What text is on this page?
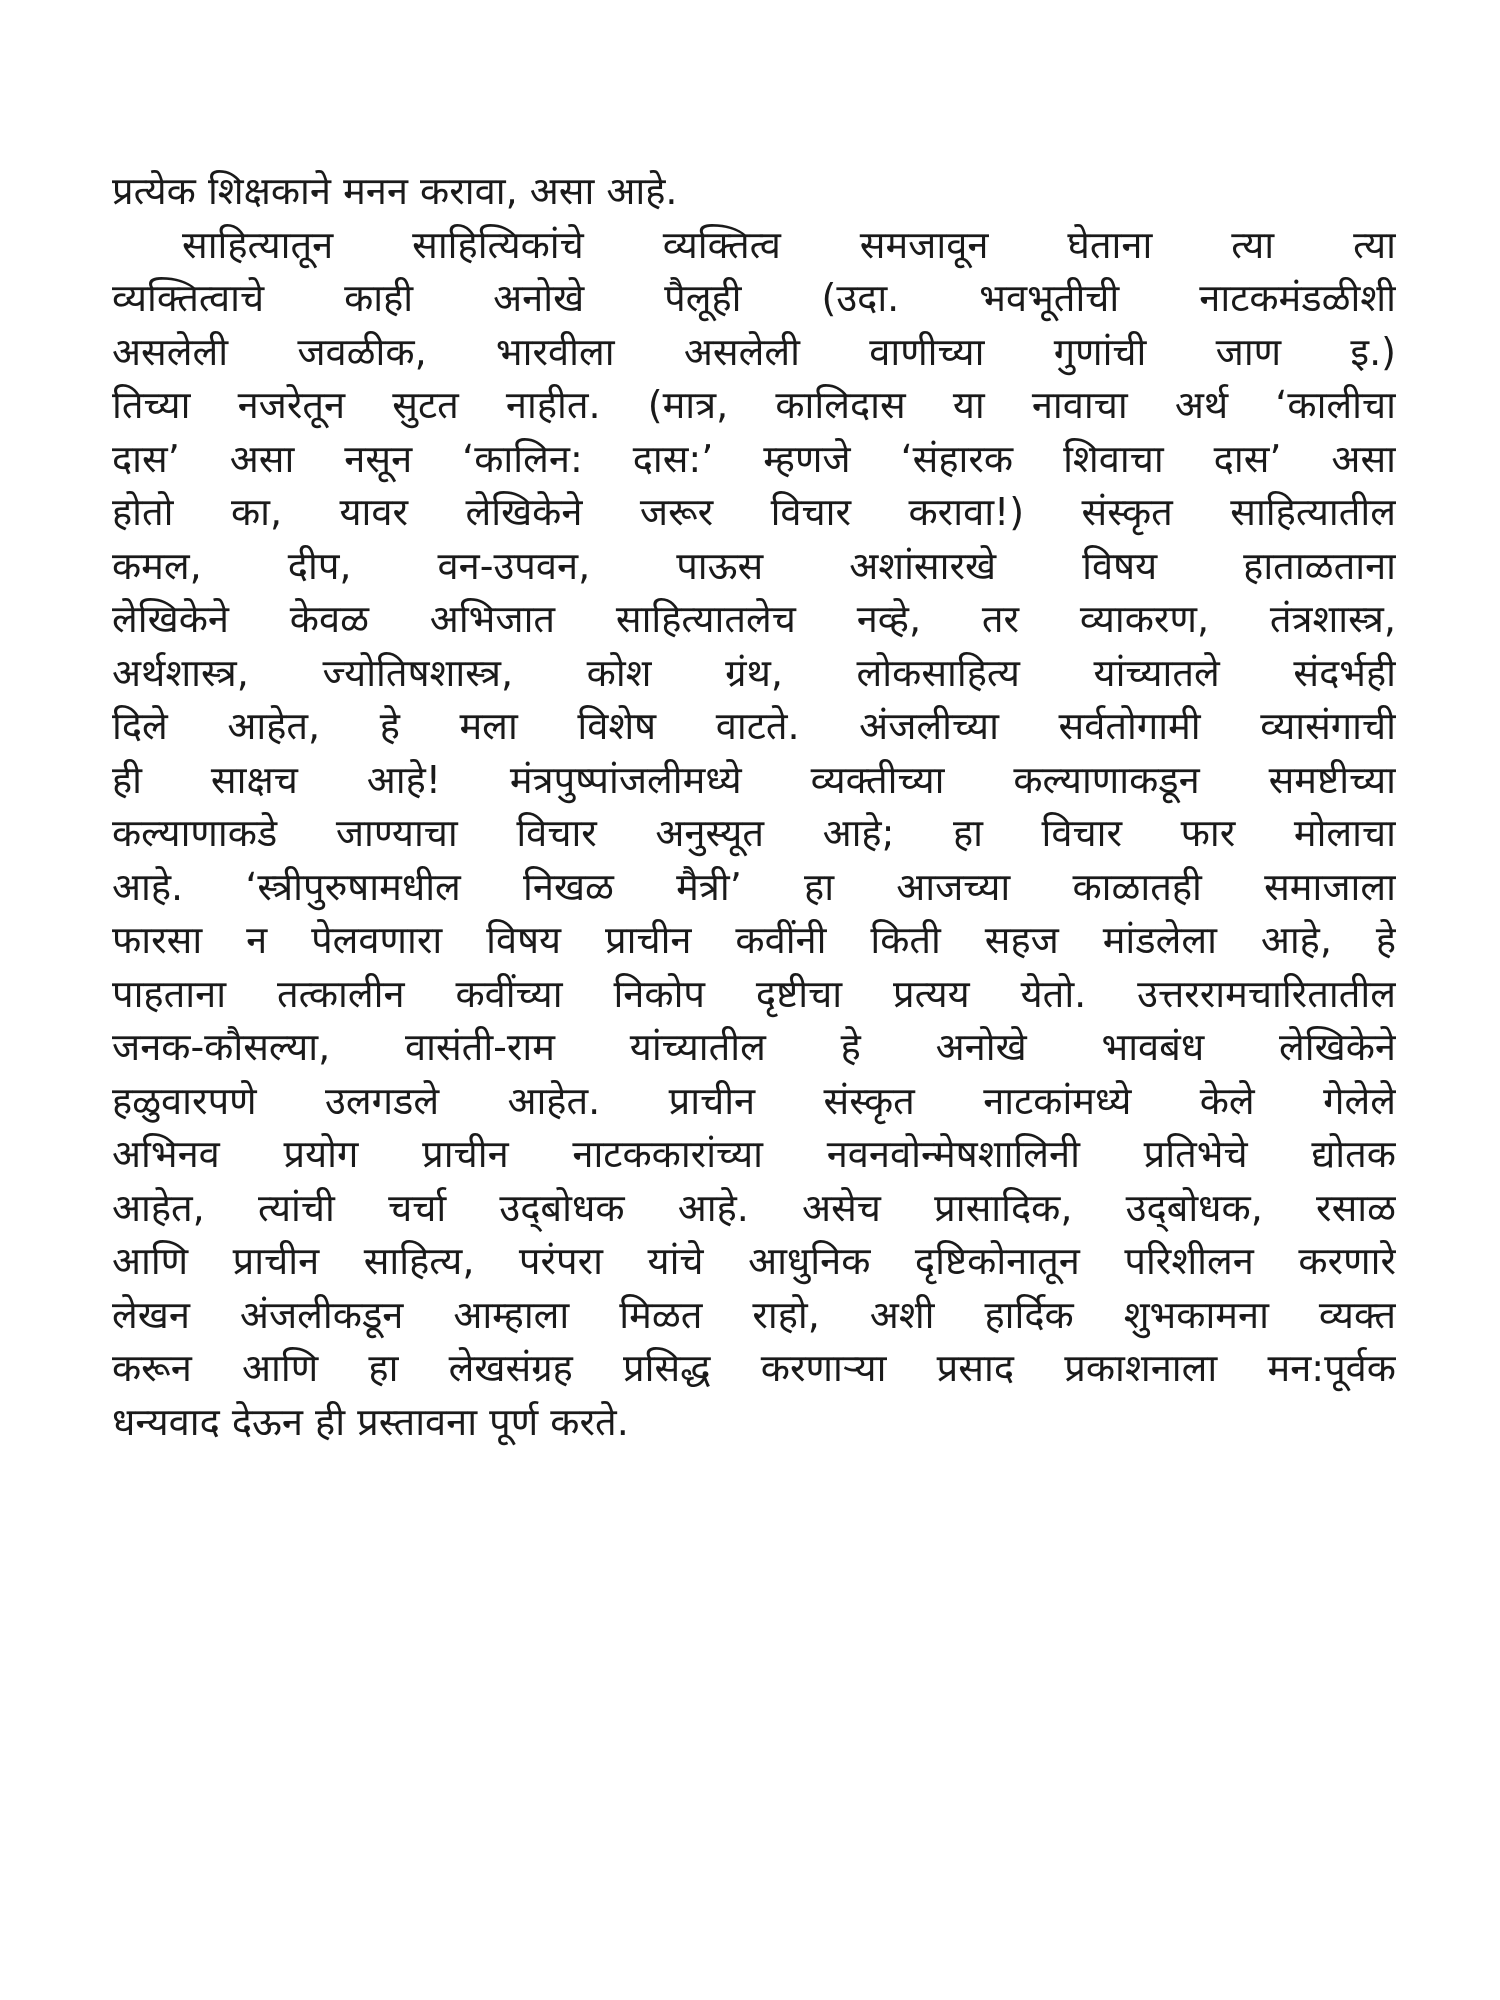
प्रत्येक शिक्षकाने मनन करावा, असा आहे.
साहित्यातून साहित्यिकांचे व्यक्तित्व समजावून घेताना त्या त्या
व्यक्तित्वाचे काही अनोखे पैलूही (उदा. भवभूतीची नाटकमंडळीशी
असलेली जवळीक, भारवीला असलेली वाणीच्या गुणांची जाण इ.)
तिच्या नजरेतून सुटत नाहीत. (मात्र, कालिदास या नावाचा अर्थ ‘कालीचा
दास’ असा नसून ‘कालिन: दास:’ म्हणजे ‘संहारक शिवाचा दास’ असा
होतो का, यावर लेखिकेने जरूर विचार करावा!) संस्कृत साहित्यातील
कमल, दीप, वन-उपवन, पाऊस अशांसारखे विषय हाताळताना
लेखिकेने केवळ अभिजात साहित्यातलेच नव्हे, तर व्याकरण, तंत्रशास्त्र,
अर्थशास्त्र, ज्योतिषशास्त्र, कोश ग्रंथ, लोकसाहित्य यांच्यातले संदर्भही
दिले आहेत, हे मला विशेष वाटते. अंजलीच्या सर्वतोगामी व्यासंगाची
ही साक्षच आहे! मंत्रपुष्पांजलीमध्ये व्यक्तीच्या कल्याणाकडून समष्टीच्या
कल्याणाकडे जाण्याचा विचार अनुस्यूत आहे; हा विचार फार मोलाचा
आहे. ‘स्त्रीपुरुषामधील निखळ मैत्री’ हा आजच्या काळातही समाजाला
फारसा न पेलवणारा विषय प्राचीन कवींनी किती सहज मांडलेला आहे, हे
पाहताना तत्कालीन कवींच्या निकोप दृष्टीचा प्रत्यय येतो. उत्तररामचारितातील
जनक-कौसल्या, वासंती-राम यांच्यातील हे अनोखे भावबंध लेखिकेने
हळुवारपणे उलगडले आहेत. प्राचीन संस्कृत नाटकांमध्ये केले गेलेले
अभिनव प्रयोग प्राचीन नाटककारांच्या नवनवोन्मेषशालिनी प्रतिभेचे द्योतक
आहेत, त्यांची चर्चा उद्‌बोधक आहे. असेच प्रासादिक, उद्‌बोधक, रसाळ
आणि प्राचीन साहित्य, परंपरा यांचे आधुनिक दृष्टिकोनातून परिशीलन करणारे
लेखन अंजलीकडून आम्हाला मिळत राहो, अशी हार्दिक शुभकामना व्यक्त
करून आणि हा लेखसंग्रह प्रसिद्ध करणाऱ्या प्रसाद प्रकाशनाला मन:पूर्वक
धन्यवाद देऊन ही प्रस्तावना पूर्ण करते.
